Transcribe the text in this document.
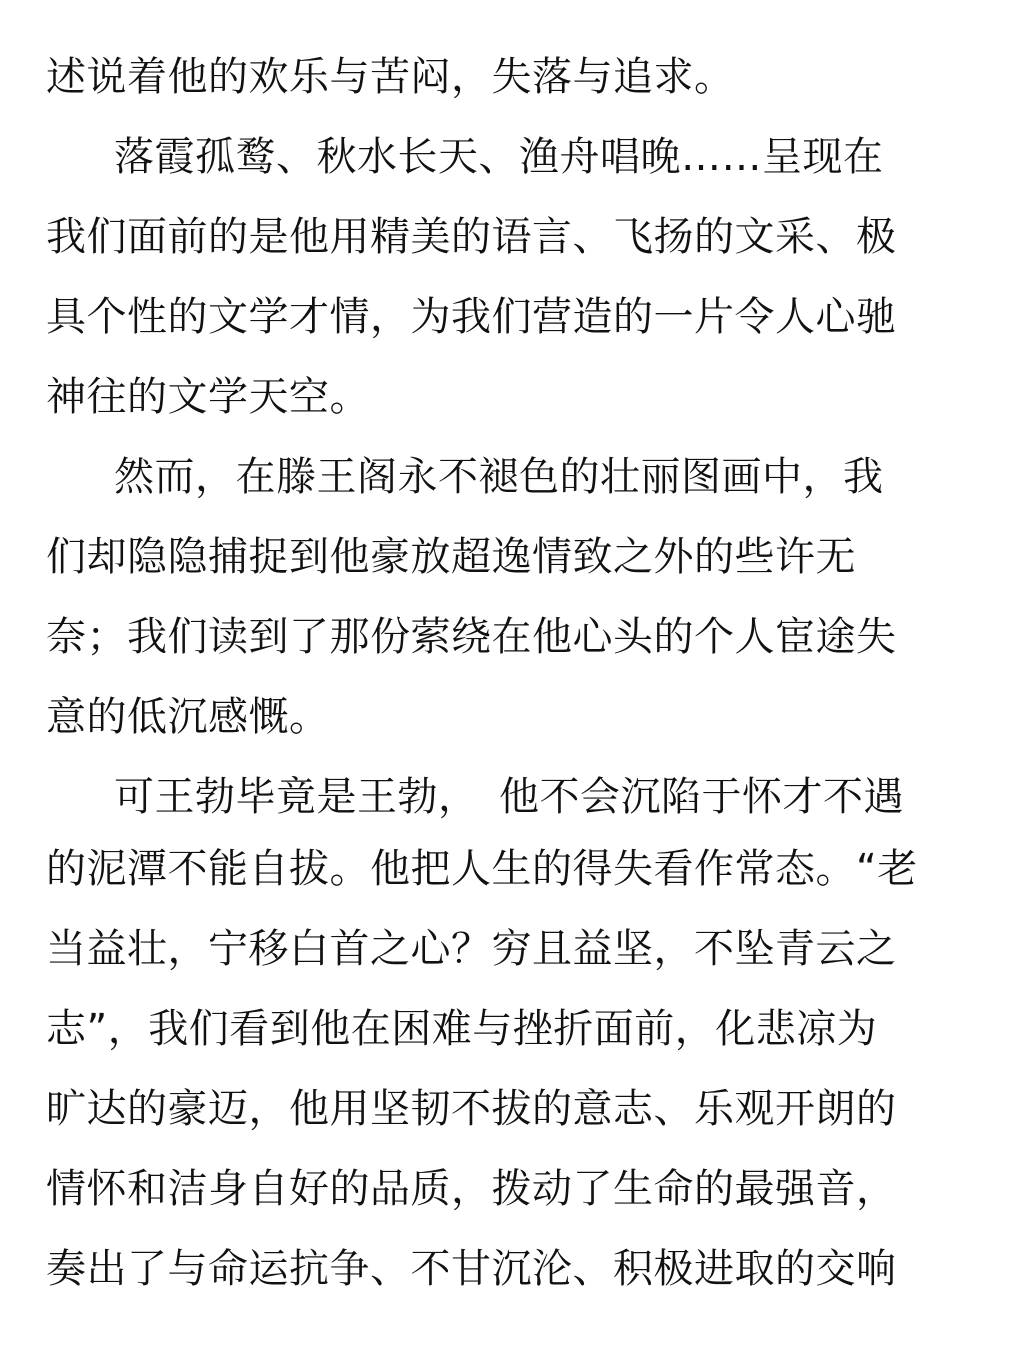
述说着他的欢乐与苦闷，失落与追求。
落霞孤鹜、秋水长天、渔舟唱晚……呈现在
我们面前的是他用精美的语言、飞扬的文采、极
具个性的文学才情，为我们营造的一片令人心驰
神往的文学天空。
然而，在滕王阁永不褪色的壮丽图画中，我
们却隐隐捕捉到他豪放超逸情致之外的些许无
奈；我们读到了那份萦绕在他心头的个人宦途失
意的低沉感慨。
可王勃毕竟是王勃，　他不会沉陷于怀才不遇
的泥潭不能自拔。他把人生的得失看作常态。“老
当益壮，宁移白首之心？穷且益坚，不坠青云之
志”，我们看到他在困难与挫折面前，化悲凉为
旷达的豪迈，他用坚韧不拔的意志、乐观开朗的
情怀和洁身自好的品质，拨动了生命的最强音，
奏出了与命运抗争、不甘沉沦、积极进取的交响
